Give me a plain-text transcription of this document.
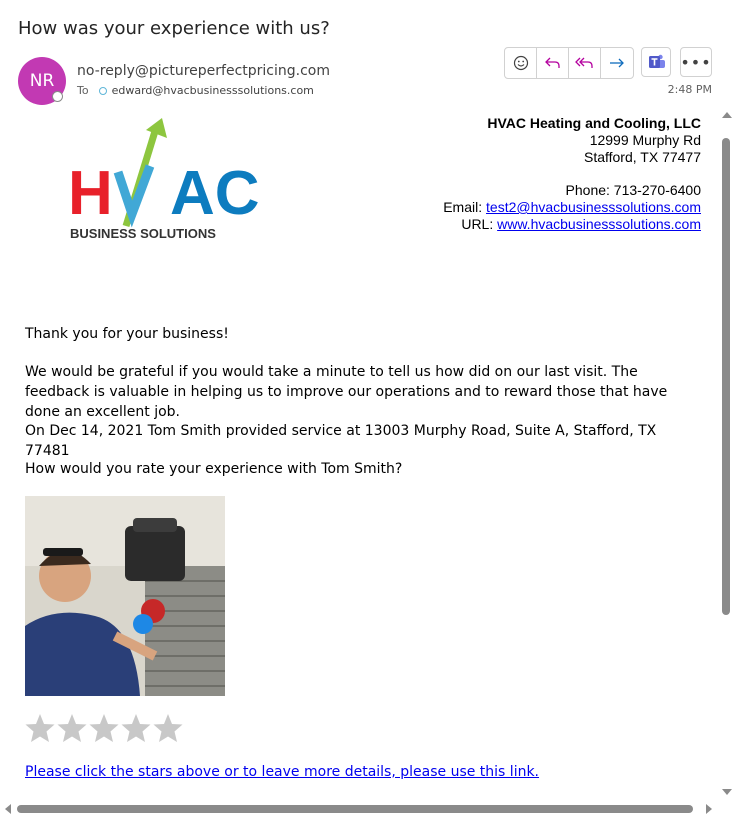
How was your experience with us?
NR	no-reply@pictureperfectpricing.com
To edward@hvacbusinesssolutions.com
•••
2:48 PM
H AC
BUSINESS SOLUTIONS
HVAC Heating and Cooling, LLC
12999 Murphy Rd
Stafford, TX 77477
Phone: 713-270-6400
Email: test2@hvacbusinesssolutions.com
URL: www.hvacbusinesssolutions.com
Thank you for your business!
We would be grateful if you would take a minute to tell us how did on our last visit. The feedback is valuable in helping us to improve our operations and to reward those that have done an excellent job.
On Dec 14, 2021 Tom Smith provided service at 13003 Murphy Road, Suite A, Stafford, TX 77481
How would you rate your experience with Tom Smith?
Please click the stars above or to leave more details, please use this link.
